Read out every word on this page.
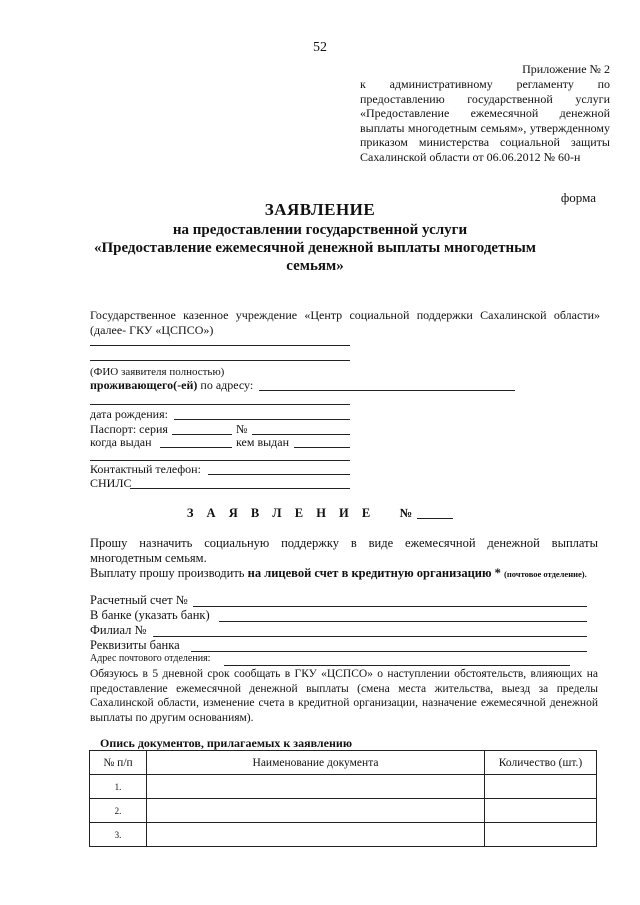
52
Приложение № 2
к административному регламенту по предоставлению государственной услуги «Предоставление ежемесячной денежной выплаты многодетным семьям», утвержденному приказом министерства социальной защиты Сахалинской области от 06.06.2012 № 60-н
форма
ЗАЯВЛЕНИЕ
на предоставлении государственной услуги
«Предоставление ежемесячной денежной выплаты многодетным семьям»
Государственное казенное учреждение «Центр социальной поддержки Сахалинской области» (далее- ГКУ «ЦСПСО»)
(ФИО заявителя полностью)
проживающего(-ей) по адресу:
дата рождения:
Паспорт: серия	№
когда выдан	кем выдан
Контактный телефон:
СНИЛС
З А Я В Л Е Н И Е   №
Прошу назначить социальную поддержку в виде ежемесячной денежной выплаты многодетным семьям.
Выплату прошу производить на лицевой счет в кредитную организацию * (почтовое отделение).
Расчетный счет №
В банке (указать банк)
Филиал №
Реквизиты банка
Адрес почтового отделения:
Обязуюсь в 5 дневной срок сообщать в ГКУ «ЦСПСО» о наступлении обстоятельств, влияющих на предоставление ежемесячной денежной выплаты (смена места жительства, выезд за пределы Сахалинской области, изменение счета в кредитной организации, назначение ежемесячной денежной выплаты по другим основаниям).
Опись документов, прилагаемых к заявлению
№ п/п	Наименование документа	Количество (шт.)
1.		
2.		
3.		
